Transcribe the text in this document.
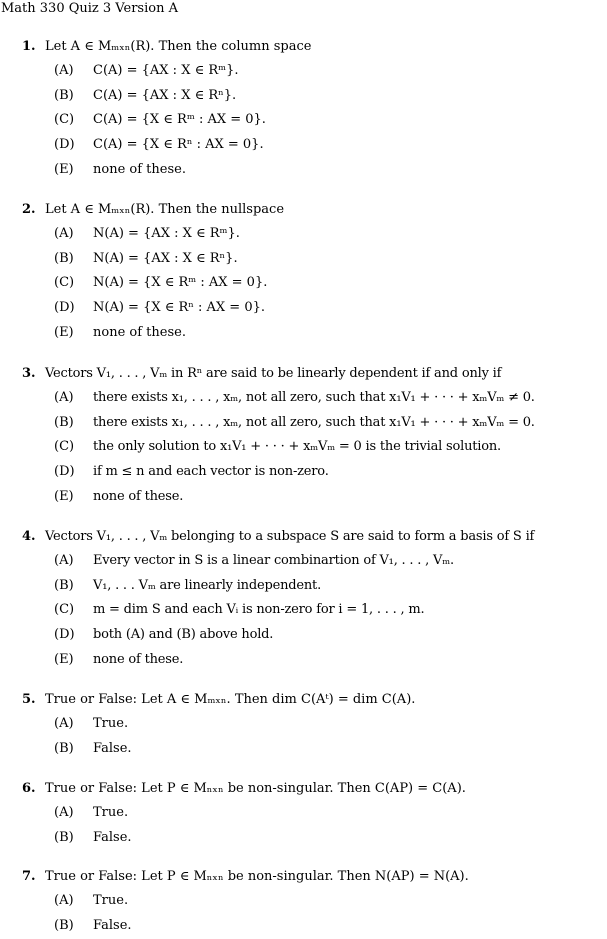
Math 330 Quiz 3 Version A
1. Let A ∈ Mₘₓₙ(R). Then the column space
(A) C(A) = {AX : X ∈ Rᵐ}.
(B) C(A) = {AX : X ∈ Rⁿ}.
(C) C(A) = {X ∈ Rᵐ : AX = 0}.
(D) C(A) = {X ∈ Rⁿ : AX = 0}.
(E) none of these.
2. Let A ∈ Mₘₓₙ(R). Then the nullspace
(A) N(A) = {AX : X ∈ Rᵐ}.
(B) N(A) = {AX : X ∈ Rⁿ}.
(C) N(A) = {X ∈ Rᵐ : AX = 0}.
(D) N(A) = {X ∈ Rⁿ : AX = 0}.
(E) none of these.
3. Vectors V₁, . . . , Vₘ in Rⁿ are said to be linearly dependent if and only if
(A) there exists x₁, . . . , xₘ, not all zero, such that x₁V₁ + · · · + xₘVₘ ≠ 0.
(B) there exists x₁, . . . , xₘ, not all zero, such that x₁V₁ + · · · + xₘVₘ = 0.
(C) the only solution to x₁V₁ + · · · + xₘVₘ = 0 is the trivial solution.
(D) if m ≤ n and each vector is non-zero.
(E) none of these.
4. Vectors V₁, . . . , Vₘ belonging to a subspace S are said to form a basis of S if
(A) Every vector in S is a linear combinartion of V₁, . . . , Vₘ.
(B) V₁, . . . Vₘ are linearly independent.
(C) m = dim S and each Vᵢ is non-zero for i = 1, . . . , m.
(D) both (A) and (B) above hold.
(E) none of these.
5. True or False: Let A ∈ Mₘₓₙ. Then dim C(Aᵗ) = dim C(A).
(A) True.
(B) False.
6. True or False: Let P ∈ Mₙₓₙ be non-singular. Then C(AP) = C(A).
(A) True.
(B) False.
7. True or False: Let P ∈ Mₙₓₙ be non-singular. Then N(AP) = N(A).
(A) True.
(B) False.
